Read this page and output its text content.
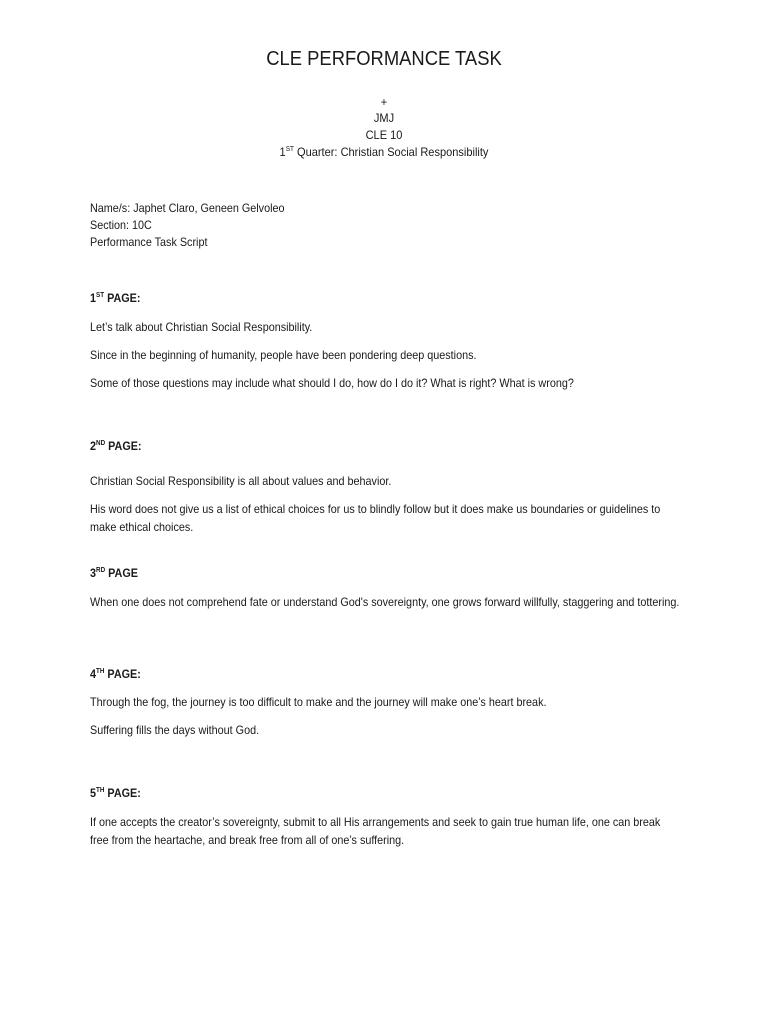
CLE PERFORMANCE TASK
+
JMJ
CLE 10
1ST Quarter: Christian Social Responsibility
Name/s: Japhet Claro, Geneen Gelvoleo
Section: 10C
Performance Task Script
1ST PAGE:
Let’s talk about Christian Social Responsibility.
Since in the beginning of humanity, people have been pondering deep questions.
Some of those questions may include what should I do, how do I do it? What is right? What is wrong?
2ND PAGE:
Christian Social Responsibility is all about values and behavior.
His word does not give us a list of ethical choices for us to blindly follow but it does make us boundaries or guidelines to make ethical choices.
3RD PAGE
When one does not comprehend fate or understand God's sovereignty, one grows forward willfully, staggering and tottering.
4TH PAGE:
Through the fog, the journey is too difficult to make and the journey will make one’s heart break.
Suffering fills the days without God.
5TH PAGE:
If one accepts the creator’s sovereignty, submit to all His arrangements and seek to gain true human life, one can break free from the heartache, and break free from all of one’s suffering.
